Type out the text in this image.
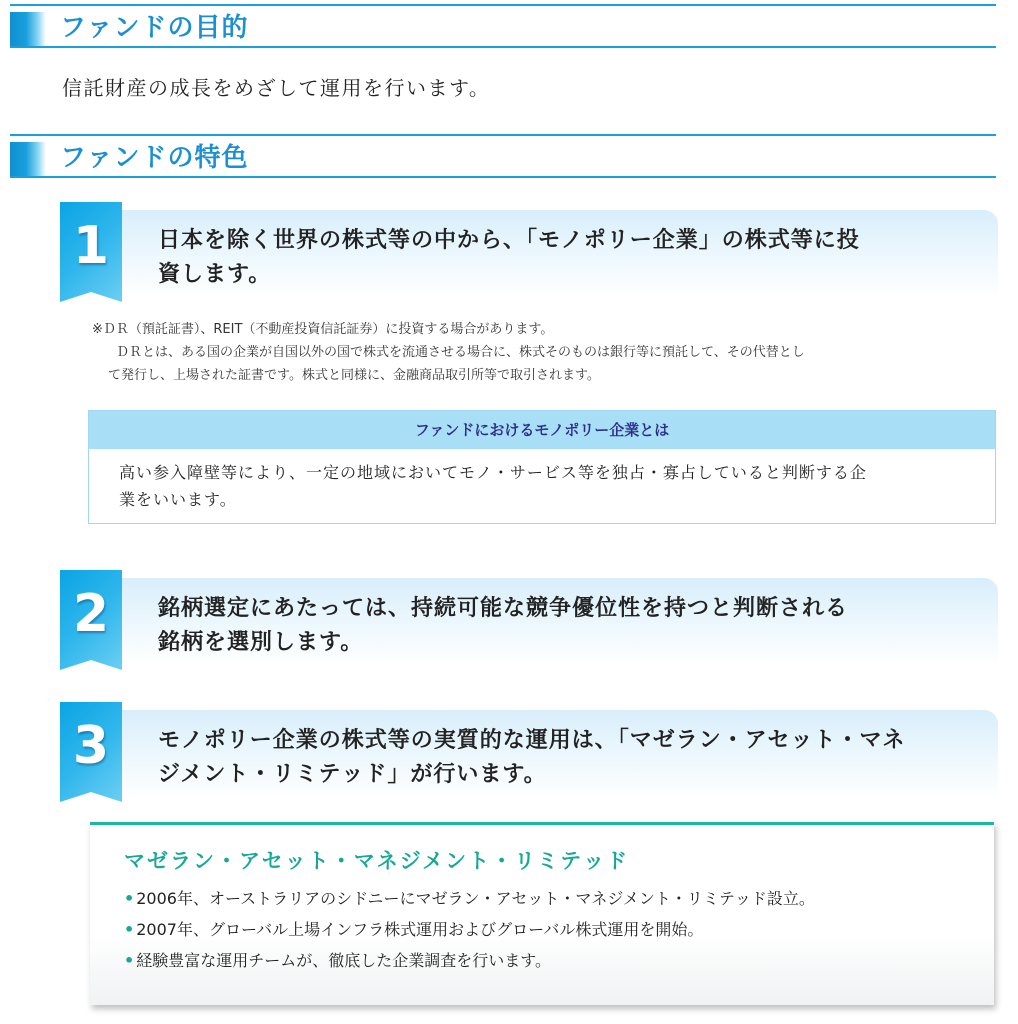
ファンドの目的
信託財産の成長をめざして運用を行います。
ファンドの特色
1	日本を除く世界の株式等の中から、「モノポリー企業」の株式等に投
資します。
※ＤＲ（預託証書）、REIT（不動産投資信託証券）に投資する場合があります。
ＤＲとは、ある国の企業が自国以外の国で株式を流通させる場合に、株式そのものは銀行等に預託して、その代替とし
て発行し、上場された証書です。株式と同様に、金融商品取引所等で取引されます。
ファンドにおけるモノポリー企業とは
高い参入障壁等により、一定の地域においてモノ・サービス等を独占・寡占していると判断する企
業をいいます。
2	銘柄選定にあたっては、持続可能な競争優位性を持つと判断される
銘柄を選別します。
3	モノポリー企業の株式等の実質的な運用は、「マゼラン・アセット・マネ
ジメント・リミテッド」が行います。
マゼラン・アセット・マネジメント・リミテッド
• 2006年、オーストラリアのシドニーにマゼラン・アセット・マネジメント・リミテッド設立。
• 2007年、グローバル上場インフラ株式運用およびグローバル株式運用を開始。
• 経験豊富な運用チームが、徹底した企業調査を行います。
